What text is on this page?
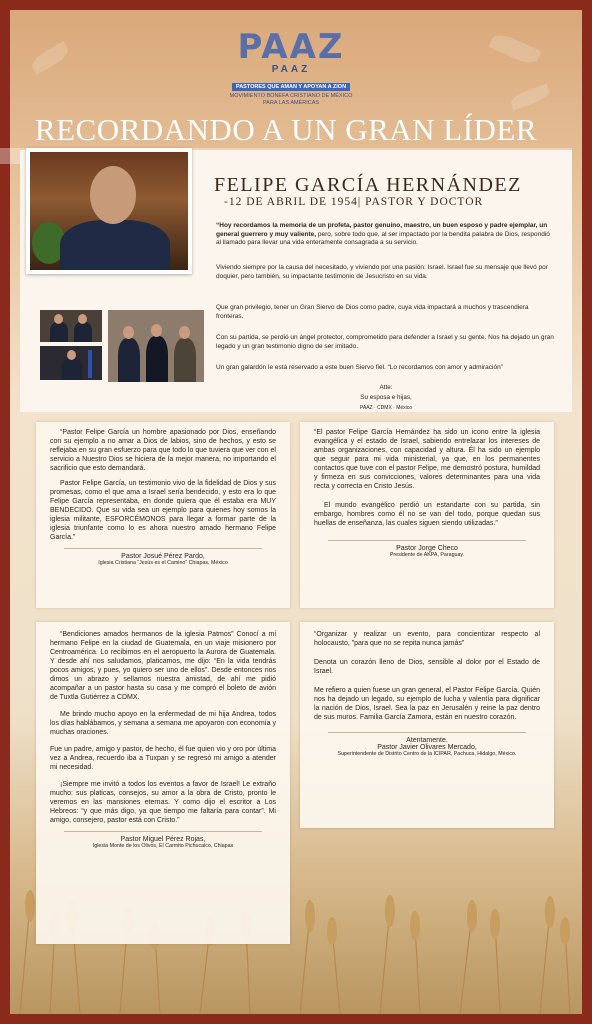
PAAZ
PAAZ
PASTORES QUE AMAN Y APOYAN A ZION
MOVIMIENTO BONEFA CRISTIANO DE MÉXICO
PARA LAS AMÉRICAS
RECORDANDO A UN GRAN LÍDER
FELIPE GARCÍA HERNÁNDEZ
-12 DE ABRIL DE 1954| PASTOR Y DOCTOR
“Hoy recordamos la memoria de un profeta, pastor genuino, maestro, un buen esposo y padre ejemplar, un general guerrero y muy valiente, pero, sobre todo que, al ser impactado por la bendita palabra de Dios, respondió al llamado para llevar una vida enteramente consagrada a su servicio.
Viviendo siempre por la causa del necesitado, y viviendo por una pasión: Israel. Israel fue su mensaje que llevó por doquier, pero también, su impactante testimonio de Jesucristo en su vida.
Que gran privilegio, tener un Gran Siervo de Dios como padre, cuya vida impactará a muchos y trascendiera fronteras.
Con su partida, se perdió un ángel protector, comprometido para defender a Israel y su gente. Nos ha dejado un gran legado y un gran testimonio digno de ser imitado.
Un gran galardón le está reservado a este buen Siervo fiel. “Lo recordamos con amor y admiración”
Atte:
Su esposa e hijas,
PAAZ · CDMX · México

“Pastor Felipe García un hombre apasionado por Dios, enseñando con su ejemplo a no amar a Dios de labios, sino de hechos, y esto se reflejaba en su gran esfuerzo para que todo lo que tuviera que ver con el servicio a Nuestro Dios se hiciera de la mejor manera, no importando el sacrificio que esto demandará.

Pastor Felipe García, un testimonio vivo de la fidelidad de Dios y sus promesas, como el que ama a Israel sería bendecido, y esto era lo que Felipe García representaba, en donde quiera que él estaba era MUY BENDECIDO. Que su vida sea un ejemplo para quienes hoy somos la iglesia militante, ESFORCÉMONOS para llegar a formar parte de la iglesia triunfante como lo es ahora nuestro amado hermano Felipe García.”

Pastor Josué Pérez Pardo,
Iglesia Cristiana “Jesús es el Camino” Chiapas, México

“El pastor Felipe García Hernández ha sido un icono entre la iglesia evangélica y el estado de Israel, sabiendo entrelazar los intereses de ambas organizaciones, con capacidad y altura. Él ha sido un ejemplo que seguir para mi vida ministerial, ya que, en los permanentes contactos que tuve con el pastor Felipe, me demostró postura, humildad y firmeza en sus convicciones, valores determinantes para una vida recta y correcta en Cristo Jesús.

El mundo evangélico perdió un estandarte con su partida, sin embargo, hombres como él no se van del todo, porque quedan sus huellas de enseñanza, las cuales siguen siendo utilizadas.”

Pastor Jorge Checo
Presidente de AKPA, Paraguay.

“Bendiciones amados hermanos de la iglesia Patmos” Conocí a mi hermano Felipe en la ciudad de Guatemala, en un viaje misionero por Centroamérica. Lo recibimos en el aeropuerto la Aurora de Guatemala. Y desde ahí nos saludamos, platicamos, me dijo: “En la vida tendrás pocos amigos, y pues, yo quiero ser uno de ellos”. Desde entonces nos dimos un abrazo y sellamos nuestra amistad, de ahí me pidió acompañar a un pastor hasta su casa y me compró el boleto de avión de Tuxtla Gutiérrez a CDMX.

Me brindo mucho apoyo en la enfermedad de mi hija Andrea, todos los días hablábamos, y semana a semana me apoyaron con economía y muchas oraciones.

Fue un padre, amigo y pastor, de hecho, él fue quien vio y oro por última vez a Andrea, recuerdo iba a Tuxpan y se regresó mi amigo a atender mi necesidad.

¡Siempre me invitó a todos los eventos a favor de Israel! Le extraño mucho: sus platicas, consejos, su amor a la obra de Cristo, pronto le veremos en las mansiones eternas. Y como dijo el escritor a Los Hebreos: “y que más digo, ya que tiempo me faltaría para contar”. Mi amigo, consejero, pastor está con Cristo.”

Pastor Miguel Pérez Rojas,
Iglesia Monte de los Olivos, El Carmito Pichucalco, Chiapas

“Organizar y realizar un evento, para concientizar respecto al holocausto, ”para que no se repita nunca jamás”

Denota un corazón lleno de Dios, sensible al dolor por el Estado de Israel.

Me refiero a quien fuese un gran general, el Pastor Felipe García. Quién nos ha dejado un legado, su ejemplo de lucha y valentía para dignificar la nación de Dios, Israel. Sea la paz en Jerusalén y reine la paz dentro de sus muros. Familia García Zamora, están en nuestro corazón.

Atentamente.
Pastor Javier Olivares Mercado,
Superintendente de Distrito Centro de la ICIPAR, Pachuca, Hidalgo, México.
